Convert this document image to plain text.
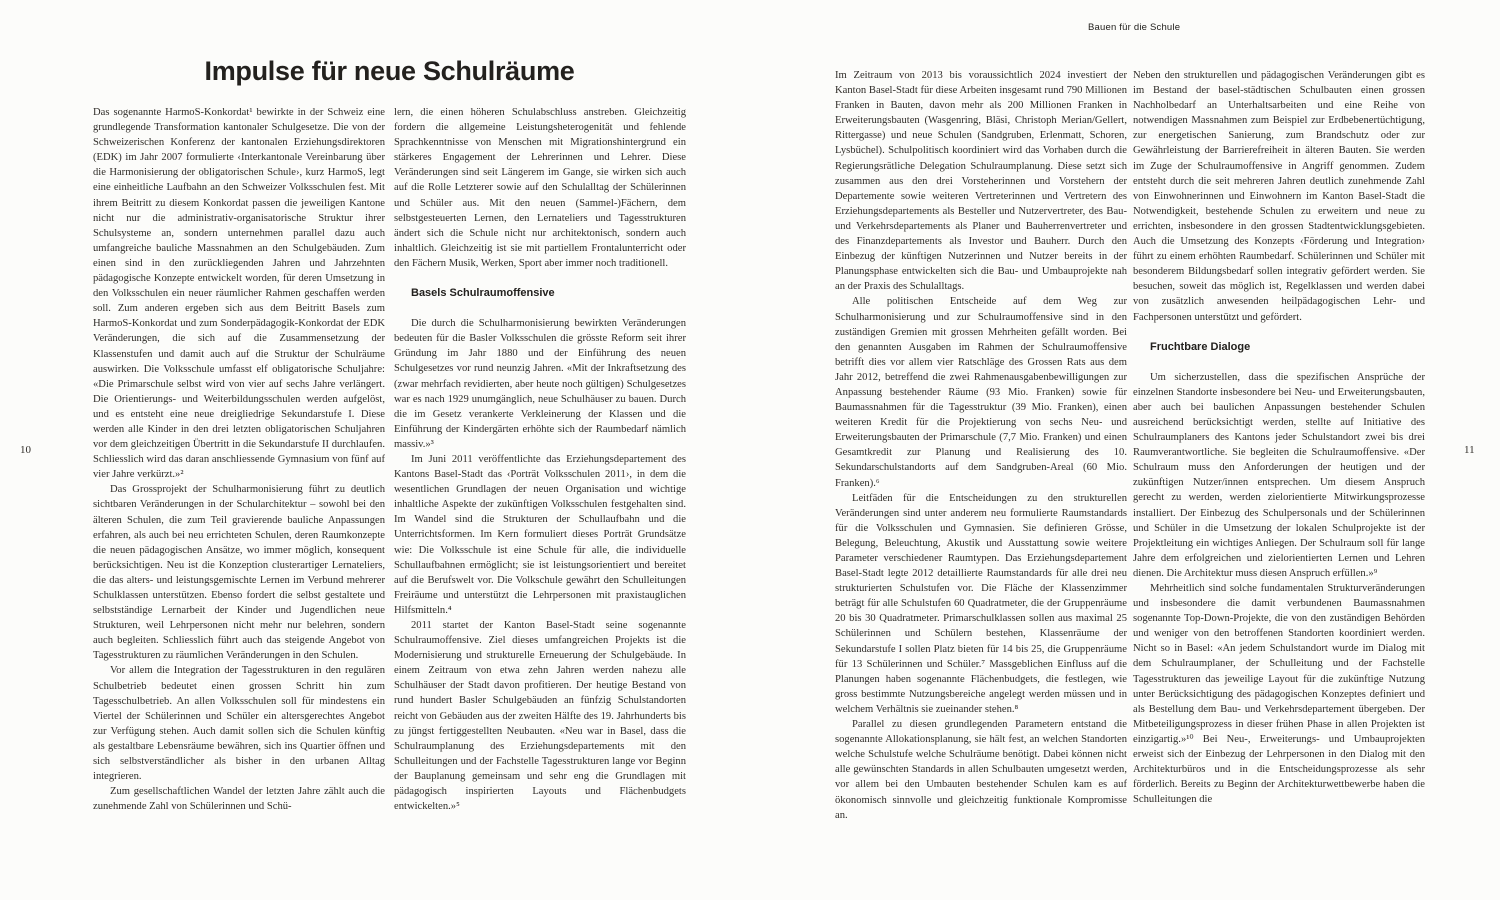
Bauen für die Schule
10	11
Impulse für neue Schulräume

Das sogenannte HarmoS-Konkordat¹ bewirkte in der Schweiz eine grundlegende Transformation kantonaler Schulgesetze. Die von der Schweizerischen Konferenz der kantonalen Erziehungsdirektoren (EDK) im Jahr 2007 formulierte ‹Interkantonale Vereinbarung über die Harmonisierung der obligatorischen Schule›, kurz HarmoS, legt eine einheitliche Laufbahn an den Schweizer Volksschulen fest. Mit ihrem Beitritt zu diesem Konkordat passen die jeweiligen Kantone nicht nur die administrativ-organisatorische Struktur ihrer Schulsysteme an, sondern unternehmen parallel dazu auch umfangreiche bauliche Massnahmen an den Schulgebäuden. Zum einen sind in den zurückliegenden Jahren und Jahrzehnten pädagogische Konzepte entwickelt worden, für deren Umsetzung in den Volksschulen ein neuer räumlicher Rahmen geschaffen werden soll. Zum anderen ergeben sich aus dem Beitritt Basels zum HarmoS-Konkordat und zum Sonderpädagogik-Konkordat der EDK Veränderungen, die sich auf die Zusammensetzung der Klassenstufen und damit auch auf die Struktur der Schulräume auswirken. Die Volksschule umfasst elf obligatorische Schuljahre: «Die Primarschule selbst wird von vier auf sechs Jahre verlängert. Die Orientierungs- und Weiterbildungsschulen werden aufgelöst, und es entsteht eine neue dreigliedrige Sekundarstufe I. Diese werden alle Kinder in den drei letzten obligatorischen Schuljahren vor dem gleichzeitigen Übertritt in die Sekundarstufe II durchlaufen. Schliesslich wird das daran anschliessende Gymnasium von fünf auf vier Jahre verkürzt.»²

Das Grossprojekt der Schulharmonisierung führt zu deutlich sichtbaren Veränderungen in der Schularchitektur – sowohl bei den älteren Schulen, die zum Teil gravierende bauliche Anpassungen erfahren, als auch bei neu errichteten Schulen, deren Raumkonzepte die neuen pädagogischen Ansätze, wo immer möglich, konsequent berücksichtigen. Neu ist die Konzeption clusterartiger Lernateliers, die das alters- und leistungsgemischte Lernen im Verbund mehrerer Schulklassen unterstützen. Ebenso fordert die selbst gestaltete und selbstständige Lernarbeit der Kinder und Jugendlichen neue Strukturen, weil Lehrpersonen nicht mehr nur belehren, sondern auch begleiten. Schliesslich führt auch das steigende Angebot von Tagesstrukturen zu räumlichen Veränderungen in den Schulen.

Vor allem die Integration der Tagesstrukturen in den regulären Schulbetrieb bedeutet einen grossen Schritt hin zum Tagesschulbetrieb. An allen Volksschulen soll für mindestens ein Viertel der Schülerinnen und Schüler ein altersgerechtes Angebot zur Verfügung stehen. Auch damit sollen sich die Schulen künftig als gestaltbare Lebensräume bewähren, sich ins Quartier öffnen und sich selbstverständlicher als bisher in den urbanen Alltag integrieren.

Zum gesellschaftlichen Wandel der letzten Jahre zählt auch die zunehmende Zahl von Schülerinnen und Schü-

lern, die einen höheren Schulabschluss anstreben. Gleichzeitig fordern die allgemeine Leistungsheterogenität und fehlende Sprachkenntnisse von Menschen mit Migrationshintergrund ein stärkeres Engagement der Lehrerinnen und Lehrer. Diese Veränderungen sind seit Längerem im Gange, sie wirken sich auch auf die Rolle Letzterer sowie auf den Schulalltag der Schülerinnen und Schüler aus. Mit den neuen (Sammel-)Fächern, dem selbstgesteuerten Lernen, den Lernateliers und Tagesstrukturen ändert sich die Schule nicht nur architektonisch, sondern auch inhaltlich. Gleichzeitig ist sie mit partiellem Frontalunterricht oder den Fächern Musik, Werken, Sport aber immer noch traditionell.

Basels Schulraumoffensive

Die durch die Schulharmonisierung bewirkten Veränderungen bedeuten für die Basler Volksschulen die grösste Reform seit ihrer Gründung im Jahr 1880 und der Einführung des neuen Schulgesetzes vor rund neunzig Jahren. «Mit der Inkraftsetzung des (zwar mehrfach revidierten, aber heute noch gültigen) Schulgesetzes war es nach 1929 unumgänglich, neue Schulhäuser zu bauen. Durch die im Gesetz verankerte Verkleinerung der Klassen und die Einführung der Kindergärten erhöhte sich der Raumbedarf nämlich massiv.»³

Im Juni 2011 veröffentlichte das Erziehungsdepartement des Kantons Basel-Stadt das ‹Porträt Volksschulen 2011›, in dem die wesentlichen Grundlagen der neuen Organisation und wichtige inhaltliche Aspekte der zukünftigen Volksschulen festgehalten sind. Im Wandel sind die Strukturen der Schullaufbahn und die Unterrichtsformen. Im Kern formuliert dieses Porträt Grundsätze wie: Die Volksschule ist eine Schule für alle, die individuelle Schullaufbahnen ermöglicht; sie ist leistungsorientiert und bereitet auf die Berufswelt vor. Die Volkschule gewährt den Schulleitungen Freiräume und unterstützt die Lehrpersonen mit praxistauglichen Hilfsmitteln.⁴

2011 startet der Kanton Basel-Stadt seine sogenannte Schulraumoffensive. Ziel dieses umfangreichen Projekts ist die Modernisierung und strukturelle Erneuerung der Schulgebäude. In einem Zeitraum von etwa zehn Jahren werden nahezu alle Schulhäuser der Stadt davon profitieren. Der heutige Bestand von rund hundert Basler Schulgebäuden an fünfzig Schulstandorten reicht von Gebäuden aus der zweiten Hälfte des 19. Jahrhunderts bis zu jüngst fertiggestellten Neubauten. «Neu war in Basel, dass die Schulraumplanung des Erziehungsdepartements mit den Schulleitungen und der Fachstelle Tagesstrukturen lange vor Beginn der Bauplanung gemeinsam und sehr eng die Grundlagen mit pädagogisch inspirierten Layouts und Flächenbudgets entwickelten.»⁵

Im Zeitraum von 2013 bis voraussichtlich 2024 investiert der Kanton Basel-Stadt für diese Arbeiten insgesamt rund 790 Millionen Franken in Bauten, davon mehr als 200 Millionen Franken in Erweiterungsbauten (Wasgenring, Bläsi, Christoph Merian/Gellert, Rittergasse) und neue Schulen (Sandgruben, Erlenmatt, Schoren, Lysbüchel). Schulpolitisch koordiniert wird das Vorhaben durch die Regierungsrätliche Delegation Schulraumplanung. Diese setzt sich zusammen aus den drei Vorsteherinnen und Vorstehern der Departemente sowie weiteren Vertreterinnen und Vertretern des Erziehungsdepartements als Besteller und Nutzervertreter, des Bau- und Verkehrsdepartements als Planer und Bauherrenvertreter und des Finanzdepartements als Investor und Bauherr. Durch den Einbezug der künftigen Nutzerinnen und Nutzer bereits in der Planungsphase entwickelten sich die Bau- und Umbauprojekte nah an der Praxis des Schulalltags.

Alle politischen Entscheide auf dem Weg zur Schulharmonisierung und zur Schulraumoffensive sind in den zuständigen Gremien mit grossen Mehrheiten gefällt worden. Bei den genannten Ausgaben im Rahmen der Schulraumoffensive betrifft dies vor allem vier Ratschläge des Grossen Rats aus dem Jahr 2012, betreffend die zwei Rahmenausgabenbewilligungen zur Anpassung bestehender Räume (93 Mio. Franken) sowie für Baumassnahmen für die Tagesstruktur (39 Mio. Franken), einen weiteren Kredit für die Projektierung von sechs Neu- und Erweiterungsbauten der Primarschule (7,7 Mio. Franken) und einen Gesamtkredit zur Planung und Realisierung des 10. Sekundarschulstandorts auf dem Sandgruben-Areal (60 Mio. Franken).⁶

Leitfäden für die Entscheidungen zu den strukturellen Veränderungen sind unter anderem neu formulierte Raumstandards für die Volksschulen und Gymnasien. Sie definieren Grösse, Belegung, Beleuchtung, Akustik und Ausstattung sowie weitere Parameter verschiedener Raumtypen. Das Erziehungsdepartement Basel-Stadt legte 2012 detaillierte Raumstandards für alle drei neu strukturierten Schulstufen vor. Die Fläche der Klassenzimmer beträgt für alle Schulstufen 60 Quadratmeter, die der Gruppenräume 20 bis 30 Quadratmeter. Primarschulklassen sollen aus maximal 25 Schülerinnen und Schülern bestehen, Klassenräume der Sekundarstufe I sollen Platz bieten für 14 bis 25, die Gruppenräume für 13 Schülerinnen und Schüler.⁷ Massgeblichen Einfluss auf die Planungen haben sogenannte Flächenbudgets, die festlegen, wie gross bestimmte Nutzungsbereiche angelegt werden müssen und in welchem Verhältnis sie zueinander stehen.⁸

Parallel zu diesen grundlegenden Parametern entstand die sogenannte Allokationsplanung, sie hält fest, an welchen Standorten welche Schulstufe welche Schulräume benötigt. Dabei können nicht alle gewünschten Standards in allen Schulbauten umgesetzt werden, vor allem bei den Umbauten bestehender Schulen kam es auf ökonomisch sinnvolle und gleichzeitig funktionale Kompromisse an.

Neben den strukturellen und pädagogischen Veränderungen gibt es im Bestand der basel-städtischen Schulbauten einen grossen Nachholbedarf an Unterhaltsarbeiten und eine Reihe von notwendigen Massnahmen zum Beispiel zur Erdbebenertüchtigung, zur energetischen Sanierung, zum Brandschutz oder zur Gewährleistung der Barrierefreiheit in älteren Bauten. Sie werden im Zuge der Schulraumoffensive in Angriff genommen. Zudem entsteht durch die seit mehreren Jahren deutlich zunehmende Zahl von Einwohnerinnen und Einwohnern im Kanton Basel-Stadt die Notwendigkeit, bestehende Schulen zu erweitern und neue zu errichten, insbesondere in den grossen Stadtentwicklungsgebieten. Auch die Umsetzung des Konzepts ‹Förderung und Integration› führt zu einem erhöhten Raumbedarf. Schülerinnen und Schüler mit besonderem Bildungsbedarf sollen integrativ gefördert werden. Sie besuchen, soweit das möglich ist, Regelklassen und werden dabei von zusätzlich anwesenden heilpädagogischen Lehr- und Fachpersonen unterstützt und gefördert.

Fruchtbare Dialoge

Um sicherzustellen, dass die spezifischen Ansprüche der einzelnen Standorte insbesondere bei Neu- und Erweiterungsbauten, aber auch bei baulichen Anpassungen bestehender Schulen ausreichend berücksichtigt werden, stellte auf Initiative des Schulraumplaners des Kantons jeder Schulstandort zwei bis drei Raumverantwortliche. Sie begleiten die Schulraumoffensive. «Der Schulraum muss den Anforderungen der heutigen und der zukünftigen Nutzer/innen entsprechen. Um diesem Anspruch gerecht zu werden, werden zielorientierte Mitwirkungsprozesse installiert. Der Einbezug des Schulpersonals und der Schülerinnen und Schüler in die Umsetzung der lokalen Schulprojekte ist der Projektleitung ein wichtiges Anliegen. Der Schulraum soll für lange Jahre dem erfolgreichen und zielorientierten Lernen und Lehren dienen. Die Architektur muss diesen Anspruch erfüllen.»⁹

Mehrheitlich sind solche fundamentalen Strukturveränderungen und insbesondere die damit verbundenen Baumassnahmen sogenannte Top-Down-Projekte, die von den zuständigen Behörden und weniger von den betroffenen Standorten koordiniert werden. Nicht so in Basel: «An jedem Schulstandort wurde im Dialog mit dem Schulraumplaner, der Schulleitung und der Fachstelle Tagesstrukturen das jeweilige Layout für die zukünftige Nutzung unter Berücksichtigung des pädagogischen Konzeptes definiert und als Bestellung dem Bau- und Verkehrsdepartement übergeben. Der Mitbeteiligungsprozess in dieser frühen Phase in allen Projekten ist einzigartig.»¹⁰ Bei Neu-, Erweiterungs- und Umbauprojekten erweist sich der Einbezug der Lehrpersonen in den Dialog mit den Architekturbüros und in die Entscheidungsprozesse als sehr förderlich. Bereits zu Beginn der Architekturwettbewerbe haben die Schulleitungen die
